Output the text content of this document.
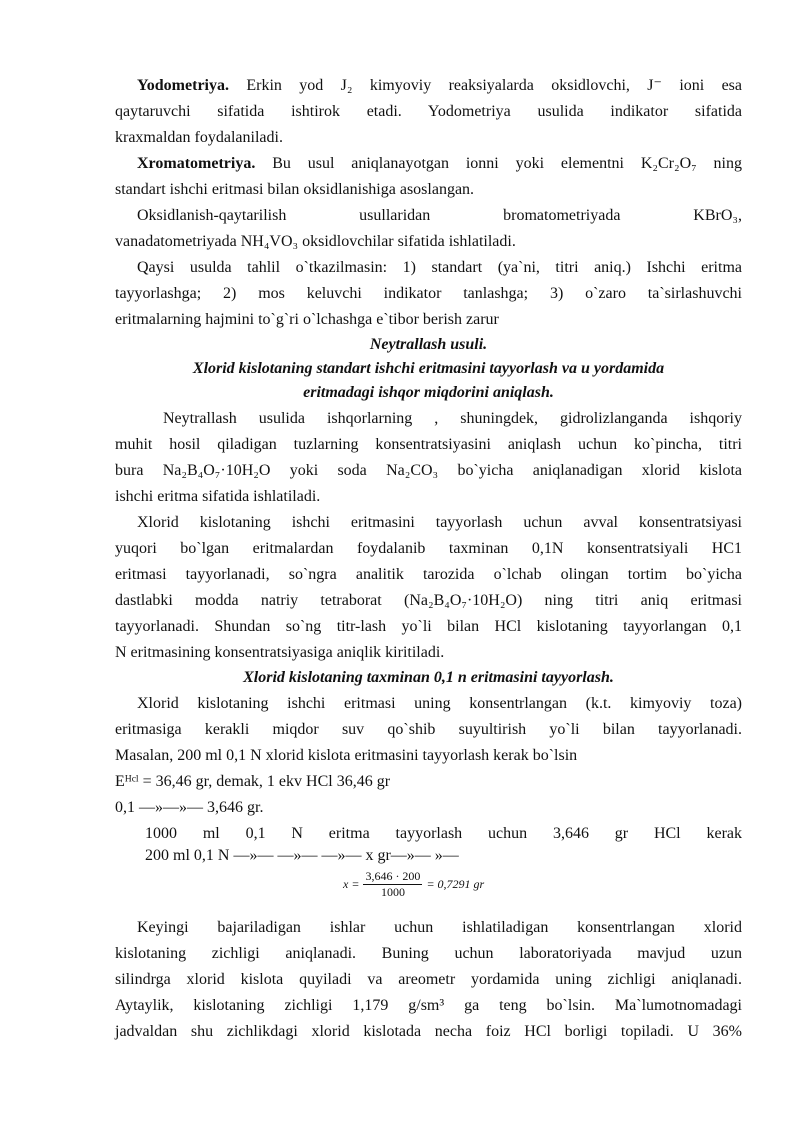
Yodometriya. Erkin yod J₂ kimyoviy reaksiyalarda oksidlovchi, J⁻ ioni esa
qaytaruvchi sifatida ishtirok etadi. Yodometriya usulida indikator sifatida
kraxmaldan foydalaniladi.
Xromatometriya. Bu usul aniqlanayotgan ionni yoki elementni K₂Cr₂O₇ ning
standart ishchi eritmasi bilan oksidlanishiga asoslangan.
Oksidlanish-qaytarilish usullaridan bromatometriyada KBrO₃,
vanadatometriyada NH₄VO₃ oksidlovchilar sifatida ishlatiladi.
Qaysi usulda tahlil o`tkazilmasin: 1) standart (ya`ni, titri aniq.) Ishchi eritma
tayyorlashga; 2) mos keluvchi indikator tanlashga; 3) o`zaro ta`sirlashuvchi
eritmalarning hajmini to`g`ri o`lchashga e`tibor berish zarur
Neytrallash usuli.
Xlorid kislotaning standart ishchi eritmasini tayyorlash va u yordamida
eritmadagi ishqor miqdorini aniqlash.
Neytrallash usulida ishqorlarning , shuningdek, gidrolizlanganda ishqoriy
muhit hosil qiladigan tuzlarning konsentratsiyasini aniqlash uchun ko`pincha, titri
bura Na₂B₄O₇·10H₂O yoki soda Na₂CO₃ bo`yicha aniqlanadigan xlorid kislota
ishchi eritma sifatida ishlatiladi.
Xlorid kislotaning ishchi eritmasini tayyorlash uchun avval konsentratsiyasi
yuqori bo`lgan eritmalardan foydalanib taxminan 0,1N konsentratsiyali HC1
eritmasi tayyorlanadi, so`ngra analitik tarozida o`lchab olingan tortim bo`yicha
dastlabki modda natriy tetraborat (Na₂B₄O₇·10H₂O) ning titri aniq eritmasi
tayyorlanadi. Shundan so`ng titr-lash yo`li bilan HCl kislotaning tayyorlangan 0,1
N eritmasining konsentratsiyasiga aniqlik kiritiladi.
Xlorid kislotaning taxminan 0,1 n eritmasini tayyorlash.
Xlorid kislotaning ishchi eritmasi uning konsentrlangan (k.t. kimyoviy toza)
eritmasiga kerakli miqdor suv qo`shib suyultirish yo`li bilan tayyorlanadi.
Masalan, 200 ml 0,1 N xlorid kislota eritmasini tayyorlash kerak bo`lsin
Eᴴᶜˡ = 36,46 gr, demak, 1 ekv HCl 36,46 gr
0,1 —»—»— 3,646 gr.
1000 ml 0,1 N eritma tayyorlash uchun 3,646 gr HCl kerak
200 ml 0,1 N —»— —»— —»— x gr—»— »—
$x = \frac{3,646 \cdot 200}{1000} = 0,7291$ gr
Keyingi bajariladigan ishlar uchun ishlatiladigan konsentrlangan xlorid
kislotaning zichligi aniqlanadi. Buning uchun laboratoriyada mavjud uzun
silindrga xlorid kislota quyiladi va areometr yordamida uning zichligi aniqlanadi.
Aytaylik, kislotaning zichligi 1,179 g/sm³ ga teng bo`lsin. Ma`lumotnomadagi
jadvaldan shu zichlikdagi xlorid kislotada necha foiz HCl borligi topiladi. U 36%
